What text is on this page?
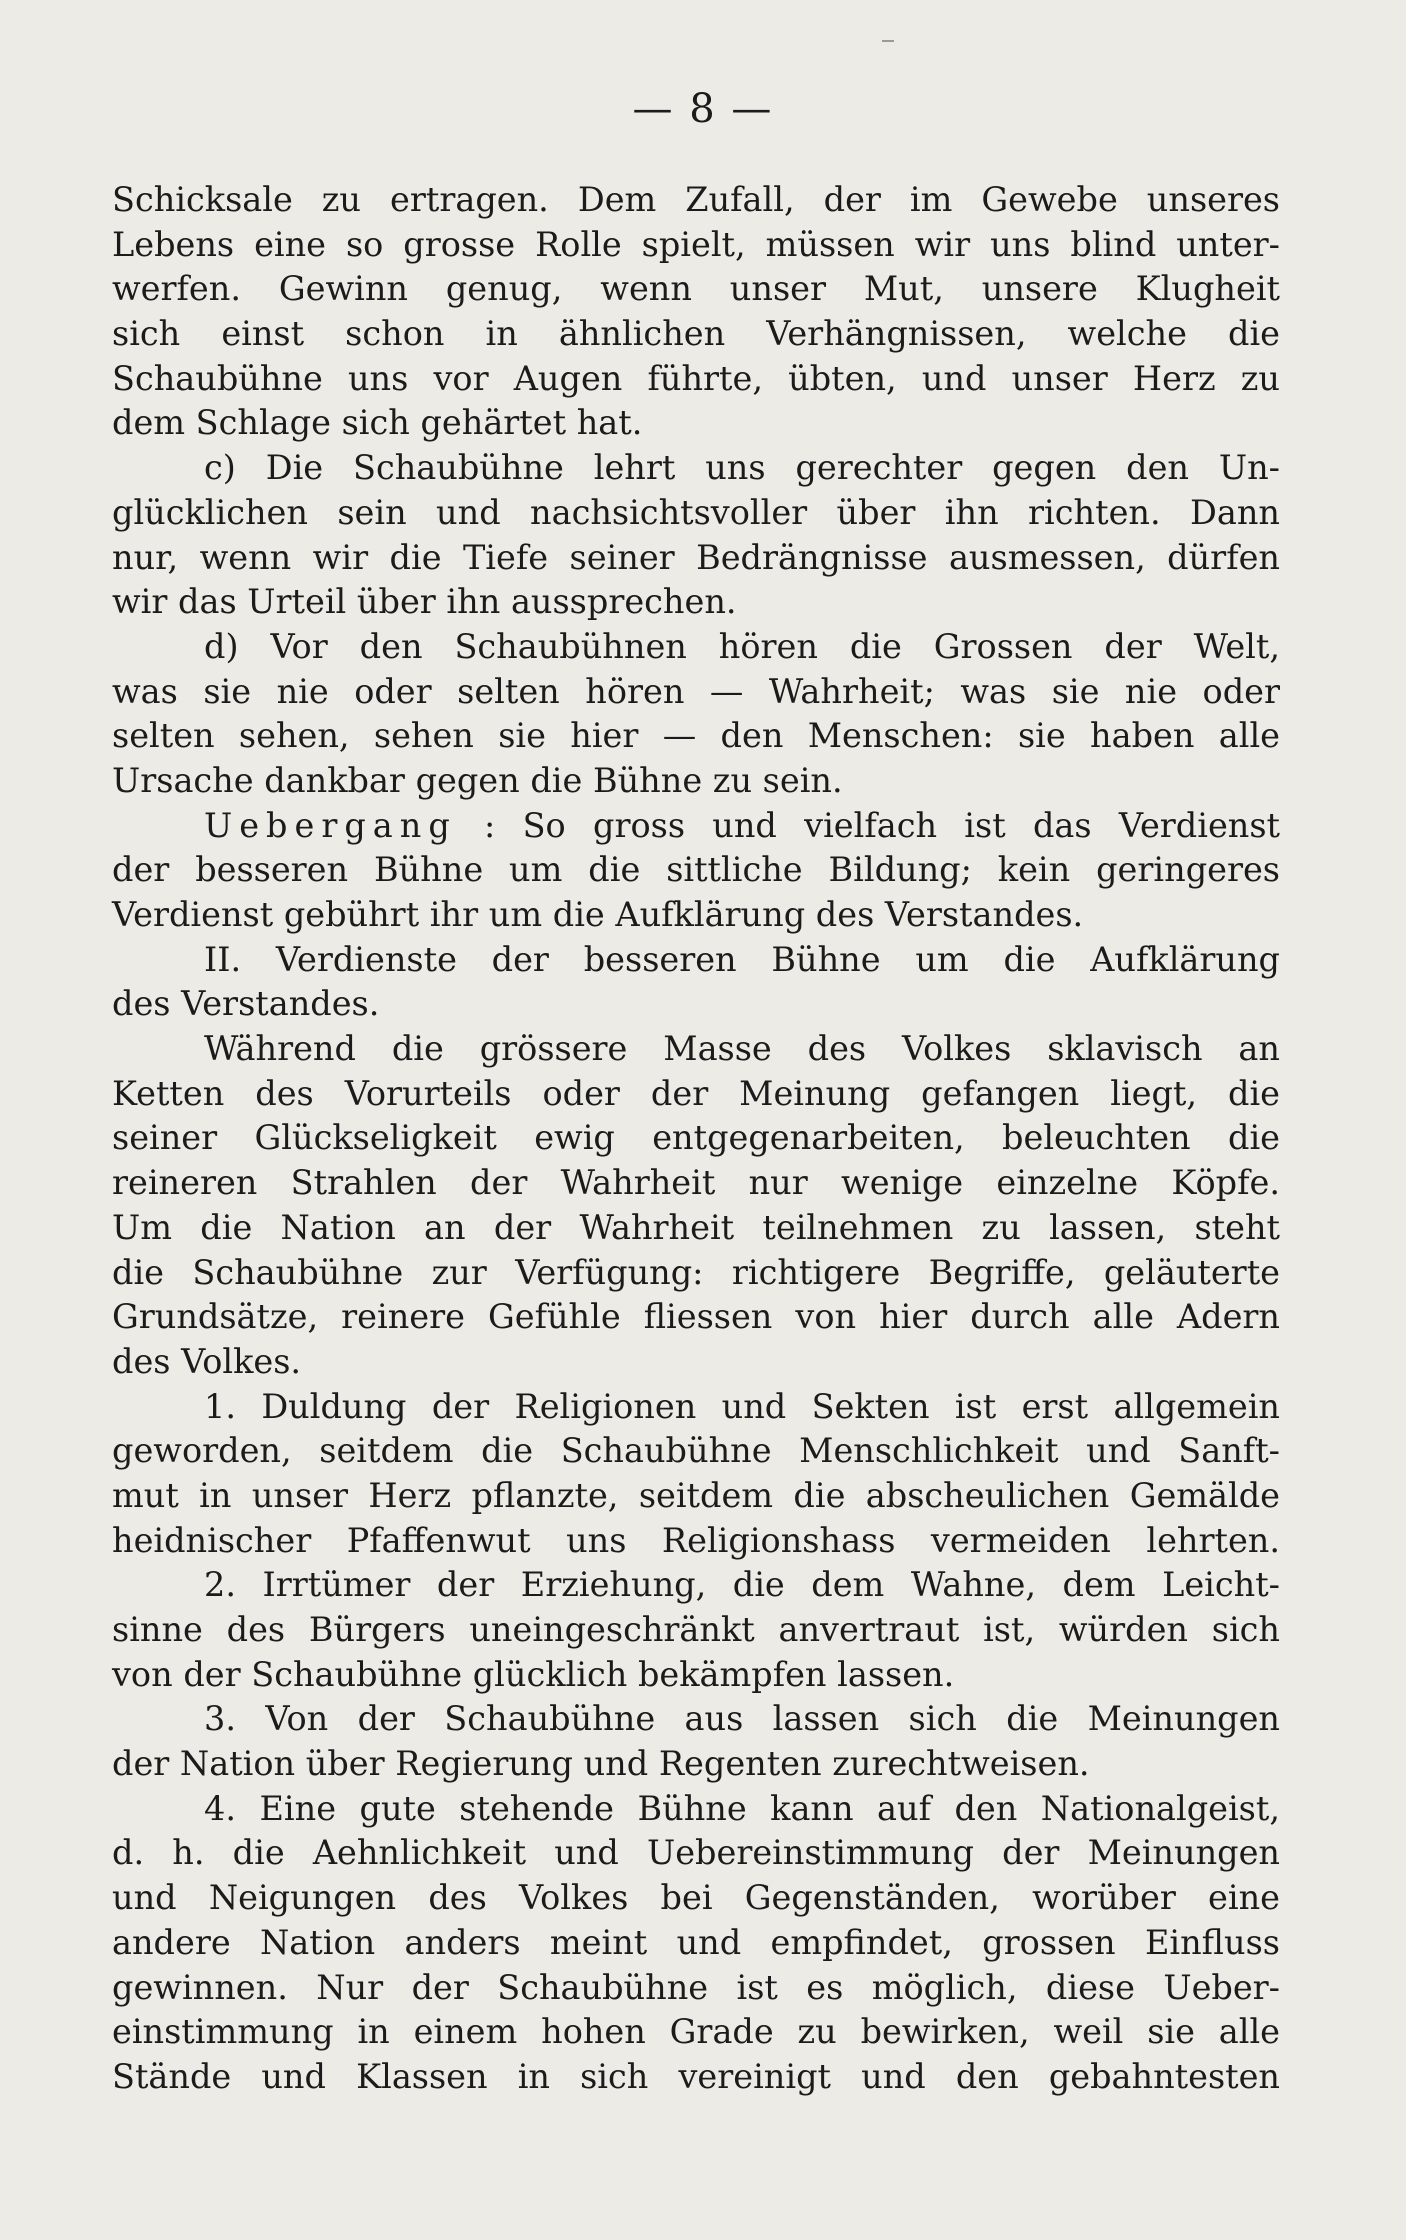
— 8 —
Schicksale zu ertragen. Dem Zufall, der im Gewebe unseres
Lebens eine so grosse Rolle spielt, müssen wir uns blind unter-
werfen. Gewinn genug, wenn unser Mut, unsere Klugheit
sich einst schon in ähnlichen Verhängnissen, welche die
Schaubühne uns vor Augen führte, übten, und unser Herz zu
dem Schlage sich gehärtet hat.
c) Die Schaubühne lehrt uns gerechter gegen den Un-
glücklichen sein und nachsichtsvoller über ihn richten. Dann
nur, wenn wir die Tiefe seiner Bedrängnisse ausmessen, dürfen
wir das Urteil über ihn aussprechen.
d) Vor den Schaubühnen hören die Grossen der Welt,
was sie nie oder selten hören — Wahrheit; was sie nie oder
selten sehen, sehen sie hier — den Menschen: sie haben alle
Ursache dankbar gegen die Bühne zu sein.
Uebergang : So gross und vielfach ist das Verdienst
der besseren Bühne um die sittliche Bildung; kein geringeres
Verdienst gebührt ihr um die Aufklärung des Verstandes.
II. Verdienste der besseren Bühne um die Aufklärung
des Verstandes.
Während die grössere Masse des Volkes sklavisch an
Ketten des Vorurteils oder der Meinung gefangen liegt, die
seiner Glückseligkeit ewig entgegenarbeiten, beleuchten die
reineren Strahlen der Wahrheit nur wenige einzelne Köpfe.
Um die Nation an der Wahrheit teilnehmen zu lassen, steht
die Schaubühne zur Verfügung: richtigere Begriffe, geläuterte
Grundsätze, reinere Gefühle fliessen von hier durch alle Adern
des Volkes.
1. Duldung der Religionen und Sekten ist erst allgemein
geworden, seitdem die Schaubühne Menschlichkeit und Sanft-
mut in unser Herz pflanzte, seitdem die abscheulichen Gemälde
heidnischer Pfaffenwut uns Religionshass vermeiden lehrten.
2. Irrtümer der Erziehung, die dem Wahne, dem Leicht-
sinne des Bürgers uneingeschränkt anvertraut ist, würden sich
von der Schaubühne glücklich bekämpfen lassen.
3. Von der Schaubühne aus lassen sich die Meinungen
der Nation über Regierung und Regenten zurechtweisen.
4. Eine gute stehende Bühne kann auf den Nationalgeist,
d. h. die Aehnlichkeit und Uebereinstimmung der Meinungen
und Neigungen des Volkes bei Gegenständen, worüber eine
andere Nation anders meint und empfindet, grossen Einfluss
gewinnen. Nur der Schaubühne ist es möglich, diese Ueber-
einstimmung in einem hohen Grade zu bewirken, weil sie alle
Stände und Klassen in sich vereinigt und den gebahntesten
